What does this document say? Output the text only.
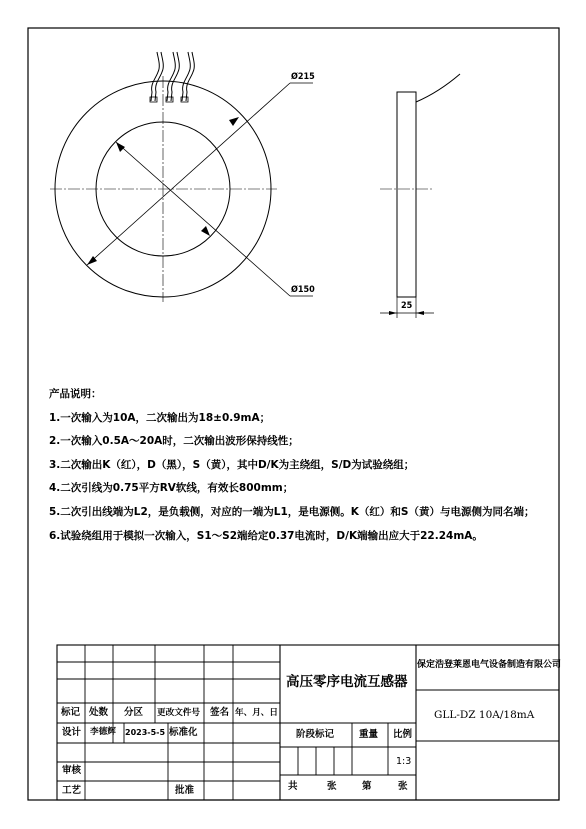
Ø215
Ø150
25
产品说明：
1.一次输入为10A，二次输出为18±0.9mA；
2.一次输入0.5A～20A时，二次输出波形保持线性；
3.二次输出K（红），D（黑），S（黄），其中D/K为主绕组，S/D为试验绕组；
4.二次引线为0.75平方RV软线，有效长800mm；
5.二次引出线端为L2，是负载侧，对应的一端为L1，是电源侧。K（红）和S（黄）与电源侧为同名端；
6.试验绕组用于模拟一次输入，S1～S2端给定0.37电流时，D/K端输出应大于22.24mA。
高压零序电流互感器
保定浩登莱恩电气设备制造有限公司
GLL-DZ 10A/18mA
标记 处数 分区 更改文件号 签名 年、月、日
设计 李德辉 2023-5-5 标准化
审核
工艺	批准
阶段标记	重量 比例
1:3
共	张	第	张
